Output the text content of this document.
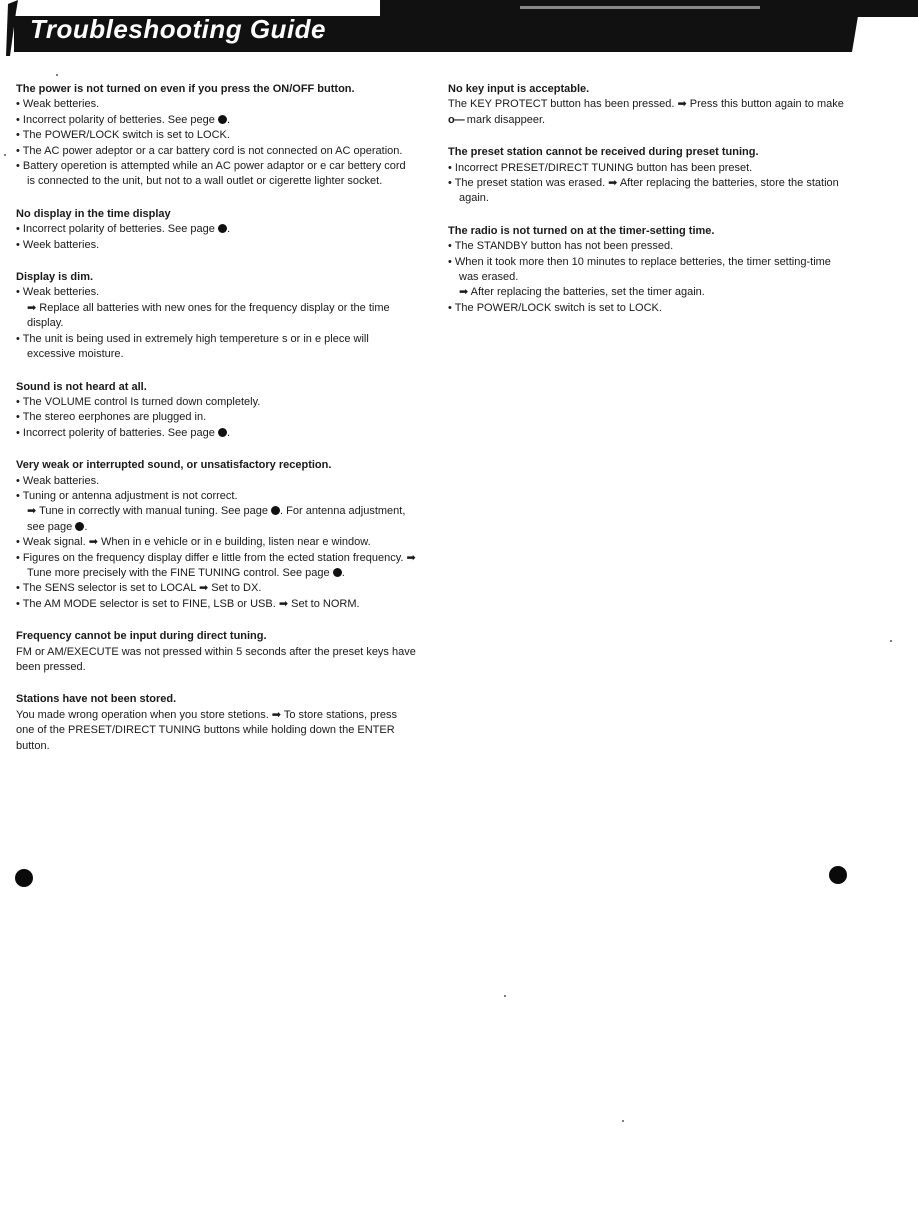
Troubleshooting Guide
The power is not turned on even if you press the ON/OFF button.

• Weak betteries.

• Incorrect polarity of betteries. See pege .

• The POWER/LOCK switch is set to LOCK.

• The AC power adeptor or a car battery cord is not connected on AC operation.

• Battery operetion is attempted while an AC power adaptor or e car bettery cord is connected to the unit, but not to a wall outlet or cigerette lighter socket.

No display in the time display

• Incorrect polarity of betteries. See page .

• Week batteries.

Display is dim.

• Weak betteries.

➡ Replace all batteries with new ones for the frequency display or the time display.

• The unit is being used in extremely high tempereture s or in e plece will excessive moisture.

Sound is not heard at all.

• The VOLUME control Is turned down completely.

• The stereo eerphones are plugged in.

• Incorrect polerity of batteries. See page .

Very weak or interrupted sound, or unsatisfactory reception.

• Weak batteries.

• Tuning or antenna adjustment is not correct.

➡ Tune in correctly with manual tuning. See page . For antenna adjustment, see page .

• Weak signal. ➡ When in e vehicle or in e building, listen near e window.

• Figures on the frequency display differ e little from the ected station frequency. ➡ Tune more precisely with the FINE TUNING control. See page .

• The SENS selector is set to LOCAL ➡ Set to DX.

• The AM MODE selector is set to FINE, LSB or USB. ➡ Set to NORM.

Frequency cannot be input during direct tuning.

FM or AM/EXECUTE was not pressed within 5 seconds after the preset keys have been pressed.

Stations have not been stored.

You made wrong operation when you store stetions. ➡ To store stations, press one of the PRESET/DIRECT TUNING buttons while holding down the ENTER button.

No key input is acceptable.

The KEY PROTECT button has been pressed. ➡ Press this button again to make o— mark disappeer.

The preset station cannot be received during preset tuning.

• Incorrect PRESET/DIRECT TUNING button has been preset.

• The preset station was erased. ➡ After replacing the batteries, store the station again.

The radio is not turned on at the timer-setting time.

• The STANDBY button has not been pressed.

• When it took more then 10 minutes to replace betteries, the timer setting-time was erased.

➡ After replacing the batteries, set the timer again.

• The POWER/LOCK switch is set to LOCK.
